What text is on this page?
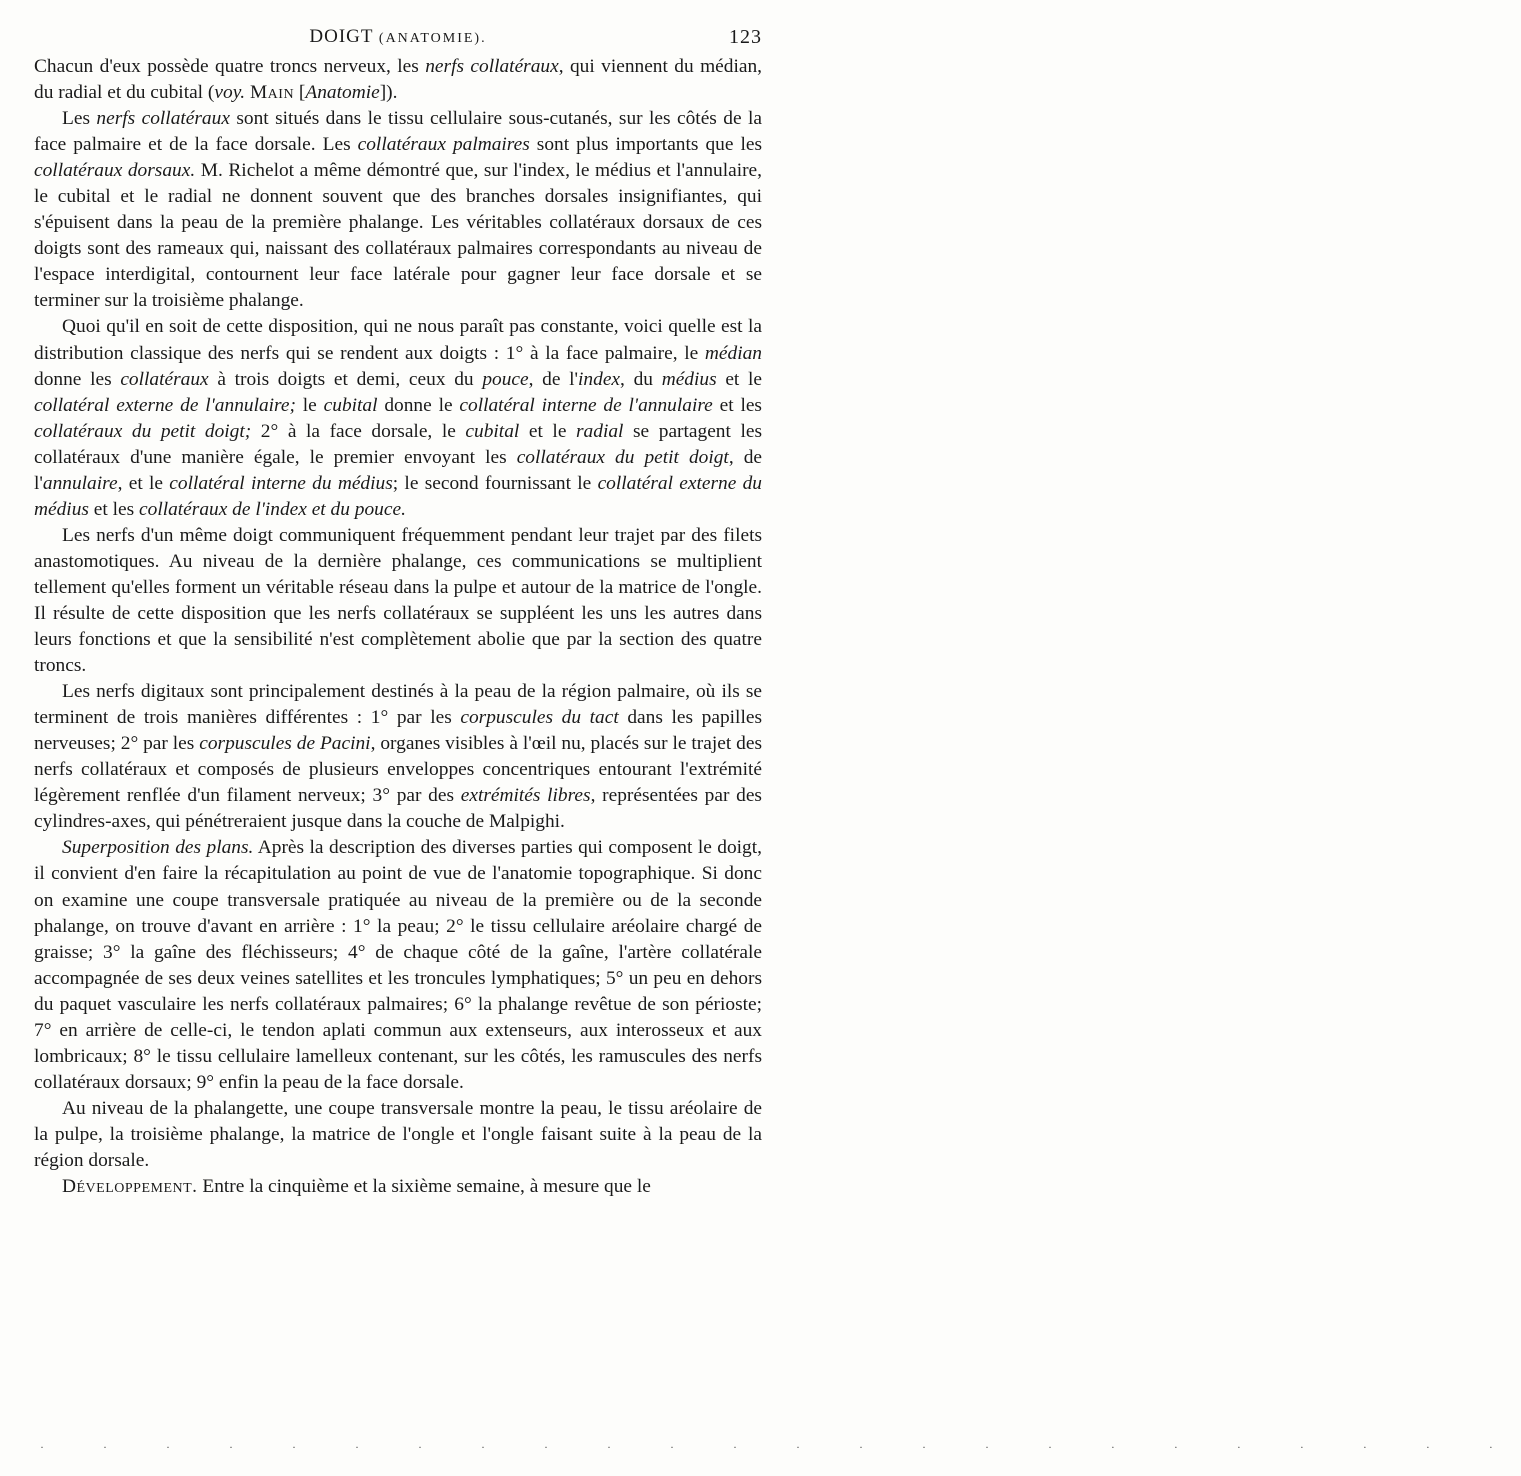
DOIGT (ANATOMIE).	123

Chacun d'eux possède quatre troncs nerveux, les nerfs collatéraux, qui viennent du médian, du radial et du cubital (voy. Main [Anatomie]).

Les nerfs collatéraux sont situés dans le tissu cellulaire sous-cutanés, sur les côtés de la face palmaire et de la face dorsale. Les collatéraux palmaires sont plus importants que les collatéraux dorsaux. M. Richelot a même démontré que, sur l'index, le médius et l'annulaire, le cubital et le radial ne donnent souvent que des branches dorsales insignifiantes, qui s'épuisent dans la peau de la première phalange. Les véritables collatéraux dorsaux de ces doigts sont des rameaux qui, naissant des collatéraux palmaires correspondants au niveau de l'espace interdigital, contournent leur face latérale pour gagner leur face dorsale et se terminer sur la troisième phalange.

Quoi qu'il en soit de cette disposition, qui ne nous paraît pas constante, voici quelle est la distribution classique des nerfs qui se rendent aux doigts : 1° à la face palmaire, le médian donne les collatéraux à trois doigts et demi, ceux du pouce, de l'index, du médius et le collatéral externe de l'annulaire; le cubital donne le collatéral interne de l'annulaire et les collatéraux du petit doigt; 2° à la face dorsale, le cubital et le radial se partagent les collatéraux d'une manière égale, le premier envoyant les collatéraux du petit doigt, de l'annulaire, et le collatéral interne du médius; le second fournissant le collatéral externe du médius et les collatéraux de l'index et du pouce.

Les nerfs d'un même doigt communiquent fréquemment pendant leur trajet par des filets anastomotiques. Au niveau de la dernière phalange, ces communications se multiplient tellement qu'elles forment un véritable réseau dans la pulpe et autour de la matrice de l'ongle. Il résulte de cette disposition que les nerfs collatéraux se suppléent les uns les autres dans leurs fonctions et que la sensibilité n'est complètement abolie que par la section des quatre troncs.

Les nerfs digitaux sont principalement destinés à la peau de la région palmaire, où ils se terminent de trois manières différentes : 1° par les corpuscules du tact dans les papilles nerveuses; 2° par les corpuscules de Pacini, organes visibles à l'œil nu, placés sur le trajet des nerfs collatéraux et composés de plusieurs enveloppes concentriques entourant l'extrémité légèrement renflée d'un filament nerveux; 3° par des extrémités libres, représentées par des cylindres-axes, qui pénétreraient jusque dans la couche de Malpighi.

Superposition des plans. Après la description des diverses parties qui composent le doigt, il convient d'en faire la récapitulation au point de vue de l'anatomie topographique. Si donc on examine une coupe transversale pratiquée au niveau de la première ou de la seconde phalange, on trouve d'avant en arrière : 1° la peau; 2° le tissu cellulaire aréolaire chargé de graisse; 3° la gaîne des fléchisseurs; 4° de chaque côté de la gaîne, l'artère collatérale accompagnée de ses deux veines satellites et les troncules lymphatiques; 5° un peu en dehors du paquet vasculaire les nerfs collatéraux palmaires; 6° la phalange revêtue de son périoste; 7° en arrière de celle-ci, le tendon aplati commun aux extenseurs, aux interosseux et aux lombricaux; 8° le tissu cellulaire lamelleux contenant, sur les côtés, les ramuscules des nerfs collatéraux dorsaux; 9° enfin la peau de la face dorsale.

Au niveau de la phalangette, une coupe transversale montre la peau, le tissu aréolaire de la pulpe, la troisième phalange, la matrice de l'ongle et l'ongle faisant suite à la peau de la région dorsale.

Développement. Entre la cinquième et la sixième semaine, à mesure que le

· · · · · · · · · · · · · · · · · · · · · · · ·
